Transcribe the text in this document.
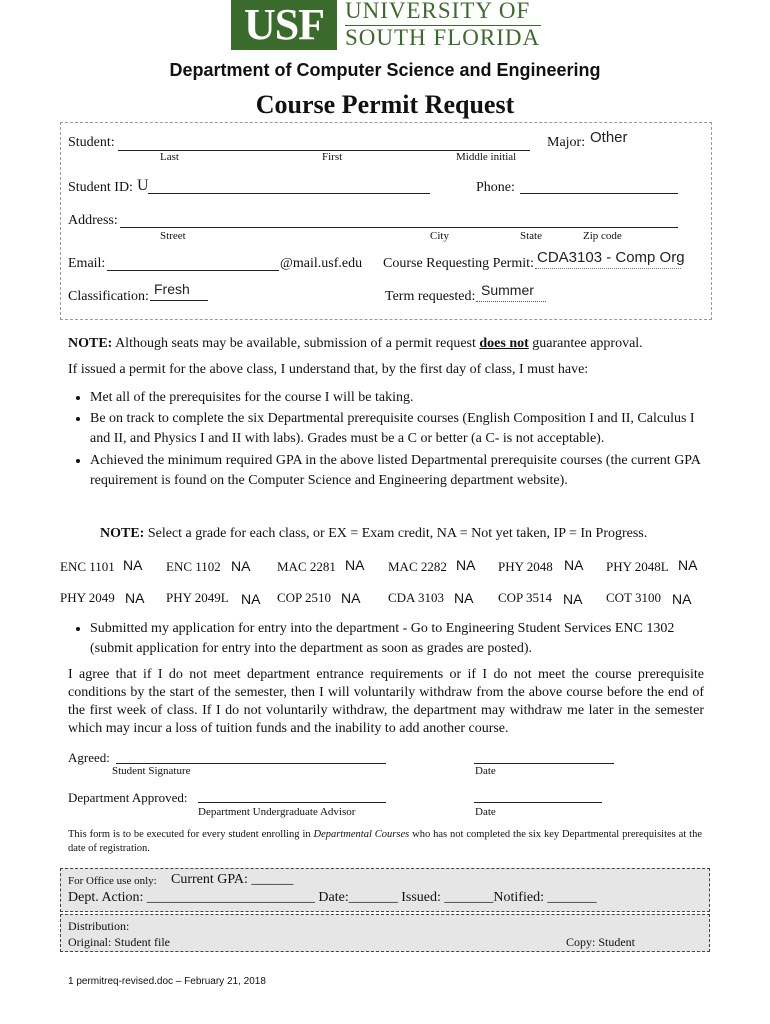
USF UNIVERSITY OF
SOUTH FLORIDA
Department of Computer Science and Engineering
Course Permit Request
Student:
Last	First	Middle initial
Major: Other
Student ID: U	Phone:
Address:
Street	City	State	Zip code
Email:	@mail.usf.edu Course Requesting Permit: CDA3103 - Comp Org
Classification: Fresh	Term requested: Summer
NOTE: Although seats may be available, submission of a permit request does not guarantee approval.
If issued a permit for the above class, I understand that, by the first day of class, I must have:
• Met all of the prerequisites for the course I will be taking.
• Be on track to complete the six Departmental prerequisite courses (English Composition I and II, Calculus I and II, and Physics I and II with labs). Grades must be a C or better (a C- is not acceptable).
• Achieved the minimum required GPA in the above listed Departmental prerequisite courses (the current GPA requirement is found on the Computer Science and Engineering department website).
NOTE: Select a grade for each class, or EX = Exam credit, NA = Not yet taken, IP = In Progress.
ENC 1101 NA ENC 1102 NA MAC 2281 NA MAC 2282 NA PHY 2048 NA PHY 2048L NA
PHY 2049 NA PHY 2049L NA COP 2510 NA CDA 3103 NA COP 3514 NA COT 3100 NA
• Submitted my application for entry into the department - Go to Engineering Student Services ENC 1302 (submit application for entry into the department as soon as grades are posted).
I agree that if I do not meet department entrance requirements or if I do not meet the course prerequisite conditions by the start of the semester, then I will voluntarily withdraw from the above course before the end of the first week of class. If I do not voluntarily withdraw, the department may withdraw me later in the semester which may incur a loss of tuition funds and the inability to add another course.
Agreed:
Student Signature	Date
Department Approved:
Department Undergraduate Advisor	Date
This form is to be executed for every student enrolling in Departmental Courses who has not completed the six key Departmental prerequisites at the date of registration.
For Office use only: Current GPA: ______
Dept. Action: ________________________ Date:_______ Issued: _______Notified: _______
Distribution:
Original: Student file	Copy: Student
1 permitreq-revised.doc – February 21, 2018
